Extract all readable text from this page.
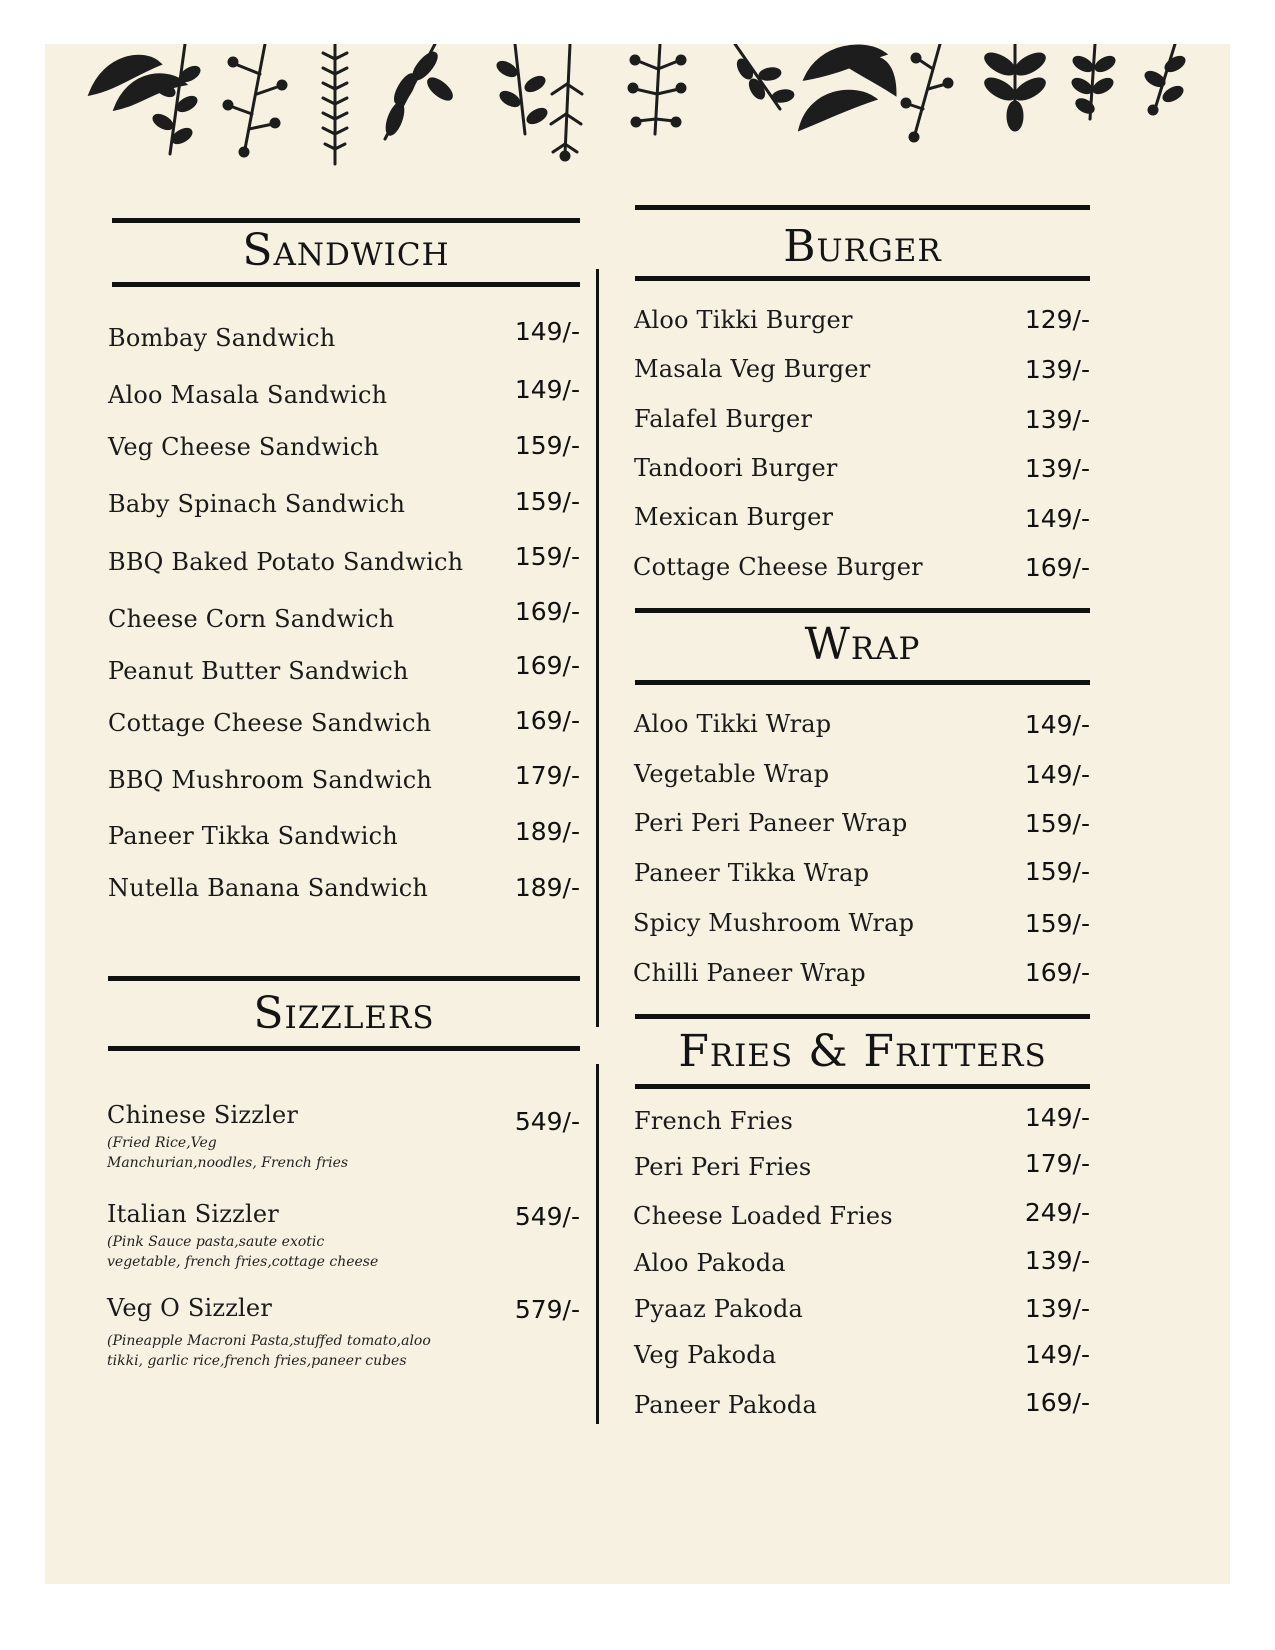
Sandwich
Bombay Sandwich	149/-
Aloo Masala Sandwich	149/-
Veg Cheese Sandwich	159/-
Baby Spinach Sandwich	159/-
BBQ Baked Potato Sandwich	159/-
Cheese Corn Sandwich	169/-
Peanut Butter Sandwich	169/-
Cottage Cheese Sandwich	169/-
BBQ Mushroom Sandwich	179/-
Paneer Tikka Sandwich	189/-
Nutella Banana Sandwich	189/-
Sizzlers
Chinese Sizzler	549/-
(Fried Rice,Veg Manchurian,noodles, French fries
Italian Sizzler	549/-
(Pink Sauce pasta,saute exotic vegetable, french fries,cottage cheese
Veg O Sizzler	579/-
(Pineapple Macroni Pasta,stuffed tomato,aloo tikki, garlic rice,french fries,paneer cubes
Burger
Aloo Tikki Burger	129/-
Masala Veg Burger	139/-
Falafel Burger	139/-
Tandoori Burger	139/-
Mexican Burger	149/-
Cottage Cheese Burger	169/-
Wrap
Aloo Tikki Wrap	149/-
Vegetable Wrap	149/-
Peri Peri Paneer Wrap	159/-
Paneer Tikka Wrap	159/-
Spicy Mushroom Wrap	159/-
Chilli Paneer Wrap	169/-
Fries & Fritters
French Fries	149/-
Peri Peri Fries	179/-
Cheese Loaded Fries	249/-
Aloo Pakoda	139/-
Pyaaz Pakoda	139/-
Veg Pakoda	149/-
Paneer Pakoda	169/-
